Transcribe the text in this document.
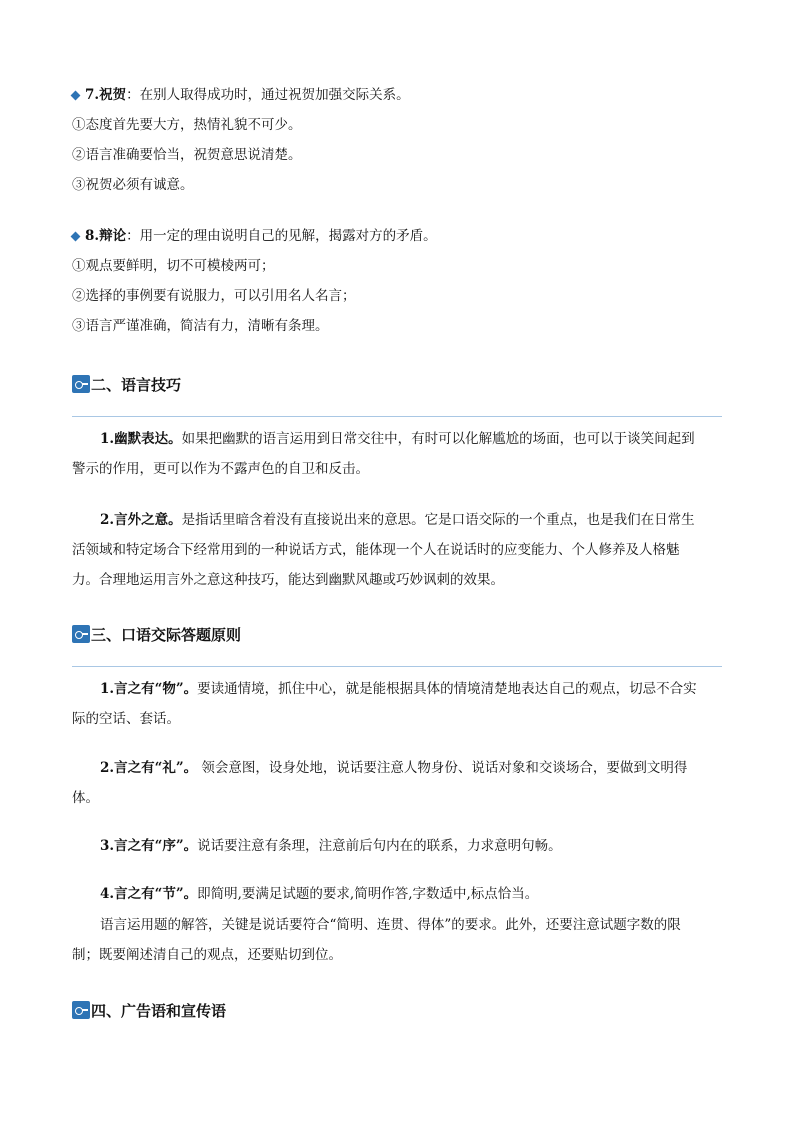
7.祝贺：在别人取得成功时，通过祝贺加强交际关系。
①态度首先要大方，热情礼貌不可少。
②语言准确要恰当，祝贺意思说清楚。
③祝贺必须有诚意。
8.辩论：用一定的理由说明自己的见解，揭露对方的矛盾。
①观点要鲜明，切不可模棱两可；
②选择的事例要有说服力，可以引用名人名言；
③语言严谨准确，简洁有力，清晰有条理。
二、语言技巧
1.幽默表达。如果把幽默的语言运用到日常交往中，有时可以化解尴尬的场面，也可以于谈笑间起到
警示的作用，更可以作为不露声色的自卫和反击。
2.言外之意。是指话里暗含着没有直接说出来的意思。它是口语交际的一个重点，也是我们在日常生
活领域和特定场合下经常用到的一种说话方式，能体现一个人在说话时的应变能力、个人修养及人格魅
力。合理地运用言外之意这种技巧，能达到幽默风趣或巧妙讽刺的效果。
三、口语交际答题原则
1.言之有“物”。要读通情境，抓住中心，就是能根据具体的情境清楚地表达自己的观点，切忌不合实
际的空话、套话。
2.言之有“礼”。 领会意图，设身处地，说话要注意人物身份、说话对象和交谈场合，要做到文明得
体。
3.言之有“序”。说话要注意有条理，注意前后句内在的联系，力求意明句畅。
4.言之有“节”。即简明,要满足试题的要求,简明作答,字数适中,标点恰当。
语言运用题的解答，关键是说话要符合“简明、连贯、得体”的要求。此外，还要注意试题字数的限
制；既要阐述清自己的观点，还要贴切到位。
四、广告语和宣传语
